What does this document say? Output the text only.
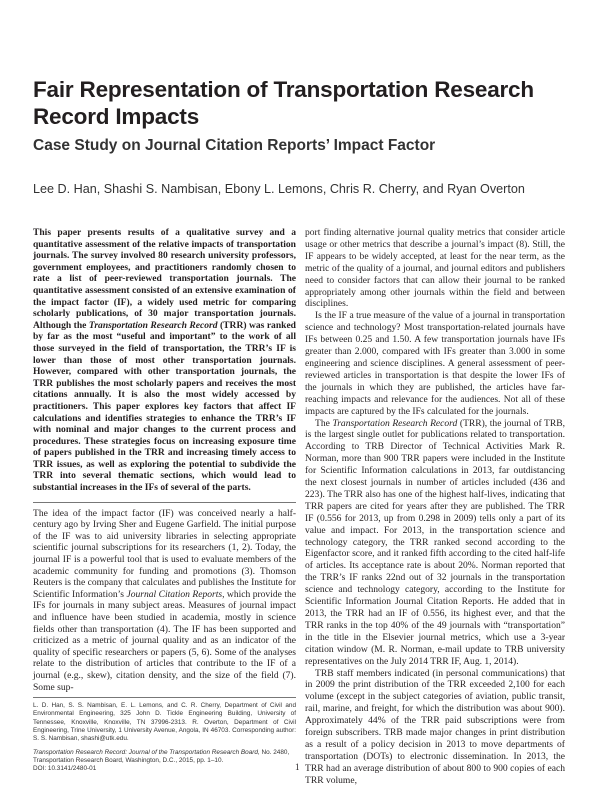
Fair Representation of Transportation Research Record Impacts
Case Study on Journal Citation Reports’ Impact Factor
Lee D. Han, Shashi S. Nambisan, Ebony L. Lemons, Chris R. Cherry, and Ryan Overton

This paper presents results of a qualitative survey and a quantitative assessment of the relative impacts of transportation journals. The survey involved 80 research university professors, government employees, and practitioners randomly chosen to rate a list of peer-reviewed transportation journals. The quantitative assessment consisted of an extensive examination of the impact factor (IF), a widely used metric for comparing scholarly publications, of 30 major transportation journals. Although the Transportation Research Record (TRR) was ranked by far as the most “useful and important” to the work of all those surveyed in the field of transportation, the TRR’s IF is lower than those of most other transportation journals. However, compared with other transportation journals, the TRR publishes the most scholarly papers and receives the most citations annually. It is also the most widely accessed by practitioners. This paper explores key factors that affect IF calculations and identifies strategies to enhance the TRR’s IF with nominal and major changes to the current process and procedures. These strategies focus on increasing exposure time of papers published in the TRR and increasing timely access to TRR issues, as well as exploring the potential to subdivide the TRR into several thematic sections, which would lead to substantial increases in the IFs of several of the parts.

The idea of the impact factor (IF) was conceived nearly a half-century ago by Irving Sher and Eugene Garfield. The initial purpose of the IF was to aid university libraries in selecting appropriate scientific journal subscriptions for its researchers (1, 2). Today, the journal IF is a powerful tool that is used to evaluate members of the academic community for funding and promotions (3). Thomson Reuters is the company that calculates and publishes the Institute for Scientific Information’s Journal Citation Reports, which provide the IFs for journals in many subject areas. Measures of journal impact and influence have been studied in academia, mostly in science fields other than transportation (4). The IF has been supported and criticized as a metric of journal quality and as an indicator of the quality of specific researchers or papers (5, 6). Some of the analyses relate to the distribution of articles that contribute to the IF of a journal (e.g., skew), citation density, and the size of the field (7). Some sup-

L. D. Han, S. S. Nambisan, E. L. Lemons, and C. R. Cherry, Department of Civil and Environmental Engineering, 325 John D. Tickle Engineering Building, University of Tennessee, Knoxville, Knoxville, TN 37996-2313. R. Overton, Department of Civil Engineering, Trine University, 1 University Avenue, Angola, IN 46703. Corresponding author: S. S. Nambisan, shashi@utk.edu.
Transportation Research Record: Journal of the Transportation Research Board, No. 2480, Transportation Research Board, Washington, D.C., 2015, pp. 1–10.
DOI: 10.3141/2480-01

port finding alternative journal quality metrics that consider article usage or other metrics that describe a journal’s impact (8). Still, the IF appears to be widely accepted, at least for the near term, as the metric of the quality of a journal, and journal editors and publishers need to consider factors that can allow their journal to be ranked appropriately among other journals within the field and between disciplines.

Is the IF a true measure of the value of a journal in transportation science and technology? Most transportation-related journals have IFs between 0.25 and 1.50. A few transportation journals have IFs greater than 2.000, compared with IFs greater than 3.000 in some engineering and science disciplines. A general assessment of peer-reviewed articles in transportation is that despite the lower IFs of the journals in which they are published, the articles have far-reaching impacts and relevance for the audiences. Not all of these impacts are captured by the IFs calculated for the journals.

The Transportation Research Record (TRR), the journal of TRB, is the largest single outlet for publications related to transportation. According to TRB Director of Technical Activities Mark R. Norman, more than 900 TRR papers were included in the Institute for Scientific Information calculations in 2013, far outdistancing the next closest journals in number of articles included (436 and 223). The TRR also has one of the highest half-lives, indicating that TRR papers are cited for years after they are published. The TRR IF (0.556 for 2013, up from 0.298 in 2009) tells only a part of its value and impact. For 2013, in the transportation science and technology category, the TRR ranked second according to the Eigenfactor score, and it ranked fifth according to the cited half-life of articles. Its acceptance rate is about 20%. Norman reported that the TRR’s IF ranks 22nd out of 32 journals in the transportation science and technology category, according to the Institute for Scientific Information Journal Citation Reports. He added that in 2013, the TRR had an IF of 0.556, its highest ever, and that the TRR ranks in the top 40% of the 49 journals with “transportation” in the title in the Elsevier journal metrics, which use a 3-year citation window (M. R. Norman, e-mail update to TRB university representatives on the July 2014 TRR IF, Aug. 1, 2014).

TRB staff members indicated (in personal communications) that in 2009 the print distribution of the TRR exceeded 2,100 for each volume (except in the subject categories of aviation, public transit, rail, marine, and freight, for which the distribution was about 900). Approximately 44% of the TRR paid subscriptions were from foreign subscribers. TRB made major changes in print distribution as a result of a policy decision in 2013 to move departments of transportation (DOTs) to electronic dissemination. In 2013, the TRR had an average distribution of about 800 to 900 copies of each TRR volume,

1
